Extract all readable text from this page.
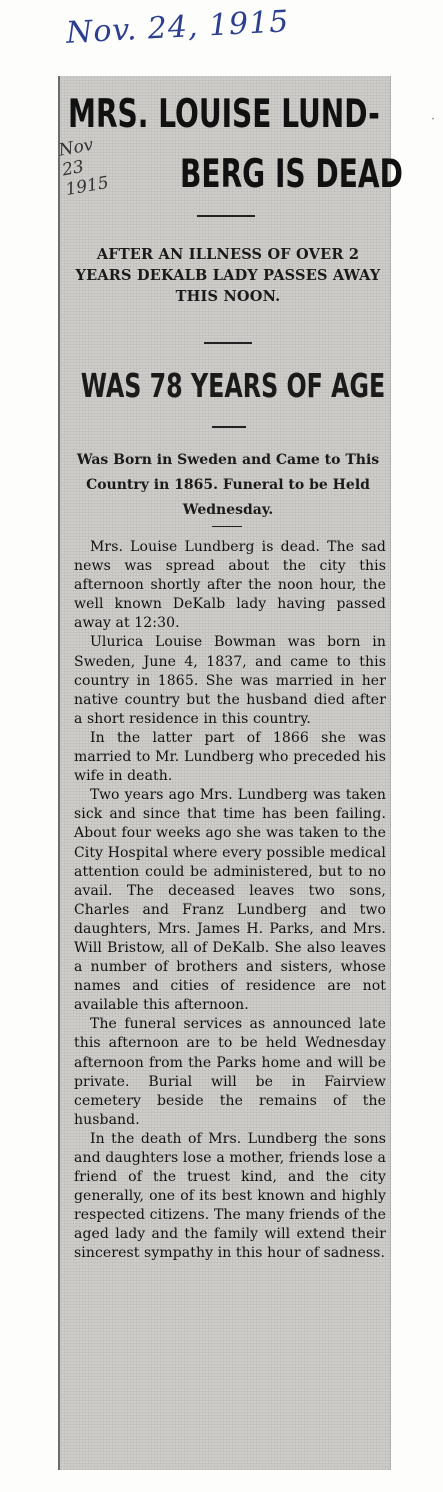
Nov. 24, 1915
·
MRS. LOUISE LUND-
Nov 23 1915 BERG IS DEAD

AFTER AN ILLNESS OF OVER 2 YEARS DEKALB LADY PASSES AWAY THIS NOON.

WAS 78 YEARS OF AGE

Was Born in Sweden and Came to This Country in 1865. Funeral to be Held Wednesday.

Mrs. Louise Lundberg is dead. The sad news was spread about the city this afternoon shortly after the noon hour, the well known DeKalb lady having passed away at 12:30.

Ulurica Louise Bowman was born in Sweden, June 4, 1837, and came to this country in 1865. She was married in her native country but the husband died after a short residence in this country.

In the latter part of 1866 she was married to Mr. Lundberg who preceded his wife in death.

Two years ago Mrs. Lundberg was taken sick and since that time has been failing. About four weeks ago she was taken to the City Hospital where every possible medical attention could be administered, but to no avail. The deceased leaves two sons, Charles and Franz Lundberg and two daughters, Mrs. James H. Parks, and Mrs. Will Bristow, all of DeKalb. She also leaves a number of brothers and sisters, whose names and cities of residence are not available this afternoon.

The funeral services as announced late this afternoon are to be held Wednesday afternoon from the Parks home and will be private. Burial will be in Fairview cemetery beside the remains of the husband.

In the death of Mrs. Lundberg the sons and daughters lose a mother, friends lose a friend of the truest kind, and the city generally, one of its best known and highly respected citizens. The many friends of the aged lady and the family will extend their sincerest sympathy in this hour of sadness.
